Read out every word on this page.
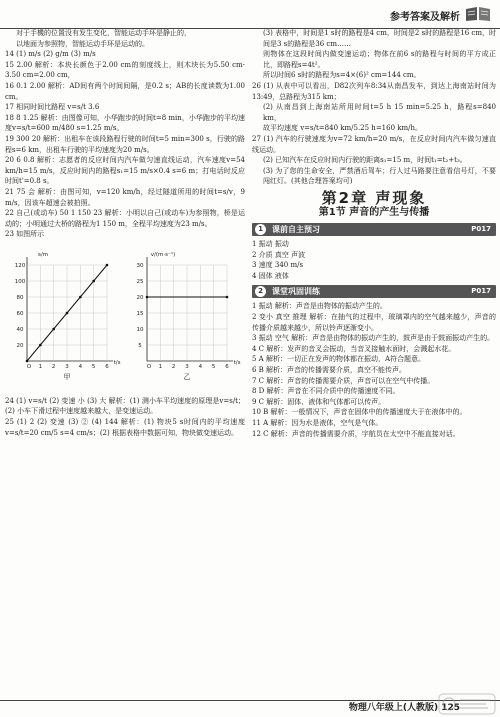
参考答案及解析

对于手機的位置没有发生变化，智能运动手环是静止的，

以地面为参照物，智能运动手环是运动的。

14 (1) m/s (2) g/m (3) m/s

15 2.00 解析：本块长颜色于2.00 cm的刻度线上，则木块长为5.50 cm-3.50 cm=2.00 cm，

16 0.1 2.00 解析：AD间有两个时间间隔，是0.2 s；AB的长度读数为1.00 cm。

17 相同时间比路程 v=s/t 3.6

18 8 1.25 解析：由图像可知，小华跑步的时间t=8 min，小华跑步的平均速度v=s/t=600 m/480 s=1.25 m/s。

19 300 20 解析：出租车在该段路程行驶的时间t=5 min=300 s，行驶的路程s=6 km，出租车行驶的平均速度为20 m/s。

20 6 0.8 解析：志愿者的反应时间内汽车做匀速直线运动，汽车速度v=54 km/h=15 m/s，反应时间内的路程s₁=15 m/s×0.4 s=6 m；打电话时反应时间t'=0.8 s。

21 75 会 解析：由图可知，v=120 km/h，经过隧道所用的时间t=s/v，9 m/s，因该车超速会被拍照。

22 自己(或动车) 50 1 150 23 解析：小明以自己(或动车)为参照物，桥是运动的；小明通过大桥的路程为1 150 m，全程平均速度为23 m/s。

23 如图所示

20
40
60
80
100
120
1 2 3 4 5 6
O
s/m
t/s
甲
5
10
15
20
25
30
1 2 3 4 5 6
O
v/(m·s⁻¹)
t/s
乙

24 (1) v=s/t (2) 变速 小 (3) 大 解析：(1) 测小车平均速度的原理是v=s/t；(2) 小车下滑过程中速度越来越大，是变速运动。

25 (1) 2 (2) 变速 (3) ② (4) 144 解析：(1) 物块5 s时间内的平均速度v=s/t=20 cm/5 s=4 cm/s；(2) 根据表格中数据可知，物块做变速运动。

(3) 表格中，时间是1 s时的路程是4 cm，时间是2 s时的路程是16 cm，时间是3 s的路程是36 cm……

则物体在这段时间内做变速运动；物体在前6 s的路程与时间的平方成正比，即路程s=4t²。

所以时间6 s时的路程为s=4×(6)² cm=144 cm。

26 (1) 从表中可以看出，D82次列车8:34从南昌发车，到达上海南站时间为13:49，总路程为315 km；

(2) 从南昌到上海南站所用时间t=5 h 15 min=5.25 h，路程s=840 km，

故平均速度 v=s/t=840 km/5.25 h=160 km/h。

27 (1) 汽车的行驶速度为v=72 km/h=20 m/s，在反应时间内汽车做匀速直线运动。

(2) 已知汽车在反应时间内行驶的距离s₁=15 m，时间t₁=t₂+t₃。

(3) 为了您的生命安全，严禁酒后驾车；行人过马路要注意看信号灯，不要闯红灯。(其他合理答案均可)

第2章 声现象
第1节 声音的产生与传播
1	课前自主预习	P017

1 振动 振动

2 介质 真空 声波

3 速度 340 m/s

4 固体 液体

2	课堂巩固训练	P017

1 振动 解析：声音是由物体的振动产生的。

2 变小 真空 推理 解析：在抽气的过程中，玻璃罩内的空气越来越少，声音的传播介质越来越少，所以铃声逐渐变小。

3 振动 空气 解析：声音是由物体的振动产生的，鼓声是由于鼓面振动产生的。

4 C 解析：发声的音叉会振动，当音叉接触水面时，会溅起水花。

5 A 解析：一切正在发声的物体都在振动，A符合题意。

6 B 解析：声音的传播需要介质，真空不能传声。

7 C 解析：声音的传播需要介质，声音可以在空气中传播。

8 D 解析：声音在不同介质中的传播速度不同。

9 C 解析：固体、液体和气体都可以传声。

10 B 解析：一般情况下，声音在固体中的传播速度大于在液体中的。

11 A 解析：因为水是液体，空气是气体。

12 C 解析：声音的传播需要介质，宇航员在太空中不能直接对话。

物理八年级上(人教版) 125
